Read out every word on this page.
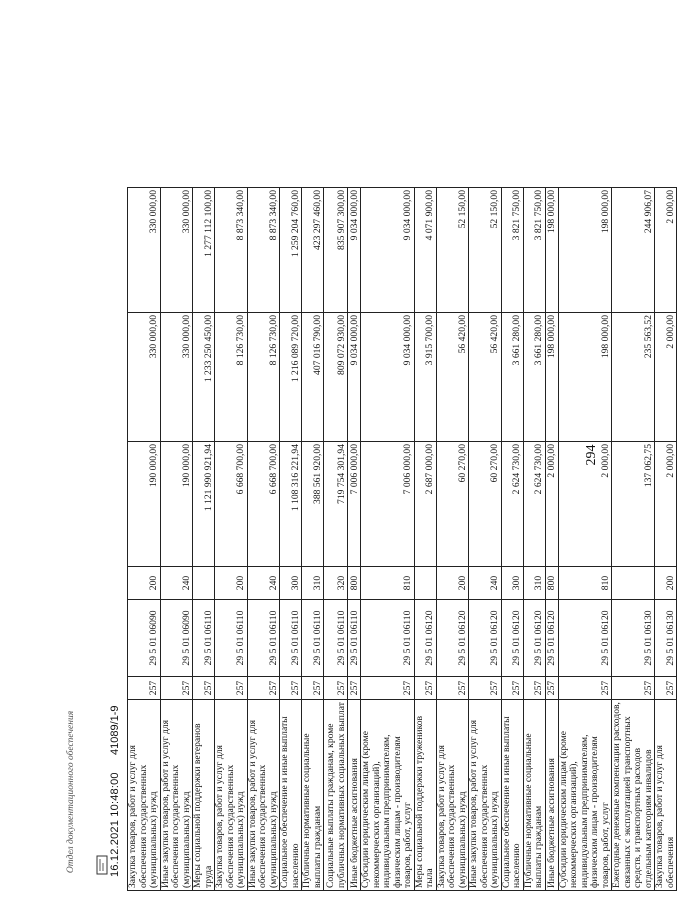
294
16.12.2021 10:48:00
41089/1-9
Отдел документационного обеспечения	Закупка товаров, работ и услуг для обеспечения государственных (муниципальных) нужд	257	29 5 01 06090	200	190 000,00	330 000,00	330 000,00

Иные закупки товаров, работ и услуг для обеспечения государственных (муниципальных) нужд	257	29 5 01 06090	240	190 000,00	330 000,00	330 000,00

Меры социальной поддержки ветеранов труда	257	29 5 01 06110		1 121 990 921,94	1 233 250 450,00	1 277 112 100,00

Закупка товаров, работ и услуг для обеспечения государственных (муниципальных) нужд	257	29 5 01 06110	200	6 668 700,00	8 126 730,00	8 873 340,00

Иные закупки товаров, работ и услуг для обеспечения государственных (муниципальных) нужд	257	29 5 01 06110	240	6 668 700,00	8 126 730,00	8 873 340,00

Социальное обеспечение и иные выплаты населению	257	29 5 01 06110	300	1 108 316 221,94	1 216 089 720,00	1 259 204 760,00

Публичные нормативные социальные выплаты гражданам	257	29 5 01 06110	310	388 561 920,00	407 016 790,00	423 297 460,00

Социальные выплаты гражданам, кроме публичных нормативных социальных выплат	257	29 5 01 06110	320	719 754 301,94	809 072 930,00	835 907 300,00

Иные бюджетные ассигнования	257	29 5 01 06110	800	7 006 000,00	9 034 000,00	9 034 000,00

Субсидии юридическим лицам (кроме некоммерческих организаций), индивидуальным предпринимателям, физическим лицам - производителям товаров, работ, услуг	257	29 5 01 06110	810	7 006 000,00	9 034 000,00	9 034 000,00

Меры социальной поддержки тружеников тыла	257	29 5 01 06120		2 687 000,00	3 915 700,00	4 071 900,00

Закупка товаров, работ и услуг для обеспечения государственных (муниципальных) нужд	257	29 5 01 06120	200	60 270,00	56 420,00	52 150,00

Иные закупки товаров, работ и услуг для обеспечения государственных (муниципальных) нужд	257	29 5 01 06120	240	60 270,00	56 420,00	52 150,00

Социальное обеспечение и иные выплаты населению	257	29 5 01 06120	300	2 624 730,00	3 661 280,00	3 821 750,00

Публичные нормативные социальные выплаты гражданам	257	29 5 01 06120	310	2 624 730,00	3 661 280,00	3 821 750,00

Иные бюджетные ассигнования	257	29 5 01 06120	800	2 000,00	198 000,00	198 000,00

Субсидии юридическим лицам (кроме некоммерческих организаций), индивидуальным предпринимателям, физическим лицам - производителям товаров, работ, услуг	257	29 5 01 06120	810	2 000,00	198 000,00	198 000,00

Ежегодные денежные компенсации расходов, связанных с эксплуатацией транспортных средств, и транспортных расходов отдельным категориям инвалидов	257	29 5 01 06130		137 062,75	235 563,52	244 906,07

Закупка товаров, работ и услуг для обеспечения	257	29 5 01 06130	200	2 000,00	2 000,00	2 000,00
